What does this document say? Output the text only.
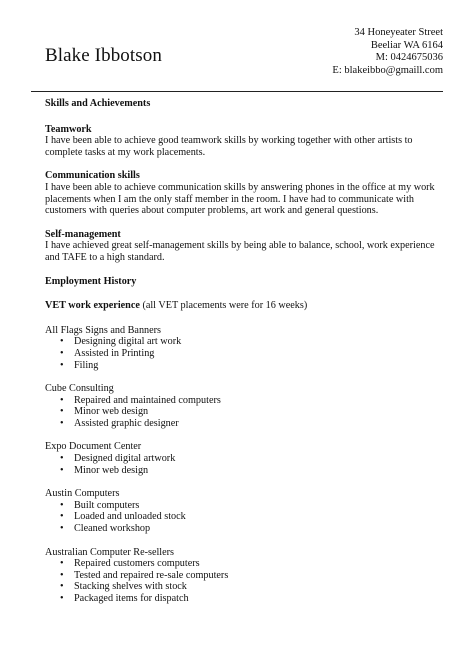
Blake Ibbotson
34 Honeyeater Street
Beeliar WA 6164
M: 0424675036
E: blakeibbo@gmaill.com
Skills and Achievements
Teamwork

I have been able to achieve good teamwork skills by working together with other artists to complete tasks at my work placements.

Communication skills

I have been able to achieve communication skills by answering phones in the office at my work placements when I am the only staff member in the room. I have had to communicate with customers with queries about computer problems, art work and general questions.

Self-management

I have achieved great self-management skills by being able to balance, school, work experience and TAFE to a high standard.

Employment History
VET work experience (all VET placements were for 16 weeks)
All Flags Signs and Banners
• Designing digital art work
• Assisted in Printing
• Filing
Cube Consulting
• Repaired and maintained computers
• Minor web design
• Assisted graphic designer
Expo Document Center
• Designed digital artwork
• Minor web design
Austin Computers
• Built computers
• Loaded and unloaded stock
• Cleaned workshop
Australian Computer Re-sellers
• Repaired customers computers
• Tested and repaired re-sale computers
• Stacking shelves with stock
• Packaged items for dispatch
